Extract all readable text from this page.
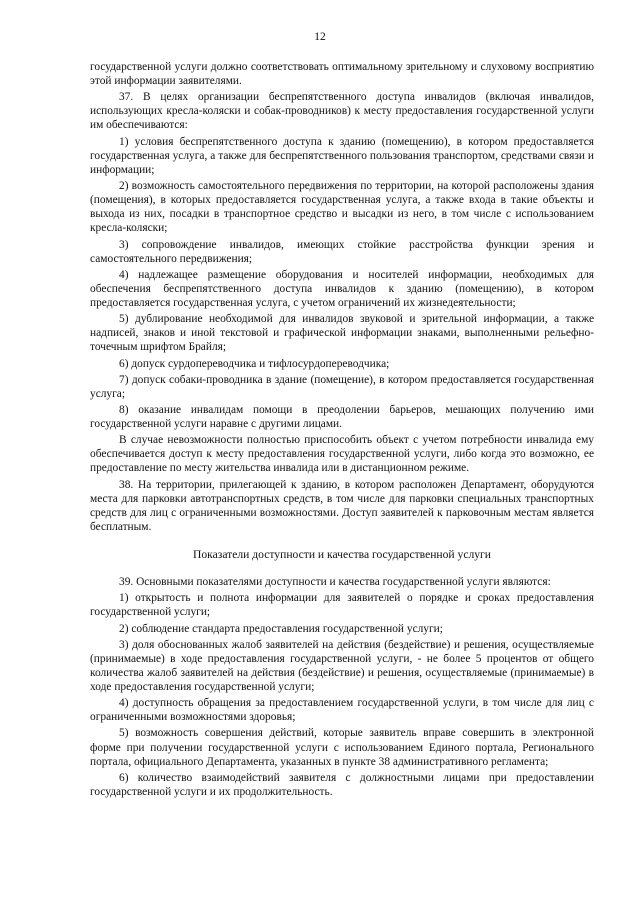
12

государственной услуги должно соответствовать оптимальному зрительному и слуховому восприятию этой информации заявителями.

37. В целях организации беспрепятственного доступа инвалидов (включая инвалидов, использующих кресла-коляски и собак-проводников) к месту предоставления государственной услуги им обеспечиваются:

1) условия беспрепятственного доступа к зданию (помещению), в котором предоставляется государственная услуга, а также для беспрепятственного пользования транспортом, средствами связи и информации;

2) возможность самостоятельного передвижения по территории, на которой расположены здания (помещения), в которых предоставляется государственная услуга, а также входа в такие объекты и выхода из них, посадки в транспортное средство и высадки из него, в том числе с использованием кресла-коляски;

3) сопровождение инвалидов, имеющих стойкие расстройства функции зрения и самостоятельного передвижения;

4) надлежащее размещение оборудования и носителей информации, необходимых для обеспечения беспрепятственного доступа инвалидов к зданию (помещению), в котором предоставляется государственная услуга, с учетом ограничений их жизнедеятельности;

5) дублирование необходимой для инвалидов звуковой и зрительной информации, а также надписей, знаков и иной текстовой и графической информации знаками, выполненными рельефно-точечным шрифтом Брайля;

6) допуск сурдопереводчика и тифлосурдопереводчика;

7) допуск собаки-проводника в здание (помещение), в котором предоставляется государственная услуга;

8) оказание инвалидам помощи в преодолении барьеров, мешающих получению ими государственной услуги наравне с другими лицами.

В случае невозможности полностью приспособить объект с учетом потребности инвалида ему обеспечивается доступ к месту предоставления государственной услуги, либо когда это возможно, ее предоставление по месту жительства инвалида или в дистанционном режиме.

38. На территории, прилегающей к зданию, в котором расположен Департамент, оборудуются места для парковки автотранспортных средств, в том числе для парковки специальных транспортных средств для лиц с ограниченными возможностями. Доступ заявителей к парковочным местам является бесплатным.

Показатели доступности и качества государственной услуги

39. Основными показателями доступности и качества государственной услуги являются:

1) открытость и полнота информации для заявителей о порядке и сроках предоставления государственной услуги;

2) соблюдение стандарта предоставления государственной услуги;

3) доля обоснованных жалоб заявителей на действия (бездействие) и решения, осуществляемые (принимаемые) в ходе предоставления государственной услуги, - не более 5 процентов от общего количества жалоб заявителей на действия (бездействие) и решения, осуществляемые (принимаемые) в ходе предоставления государственной услуги;

4) доступность обращения за предоставлением государственной услуги, в том числе для лиц с ограниченными возможностями здоровья;

5) возможность совершения действий, которые заявитель вправе совершить в электронной форме при получении государственной услуги с использованием Единого портала, Регионального портала, официального Департамента, указанных в пункте 38 административного регламента;

6) количество взаимодействий заявителя с должностными лицами при предоставлении государственной услуги и их продолжительность.
